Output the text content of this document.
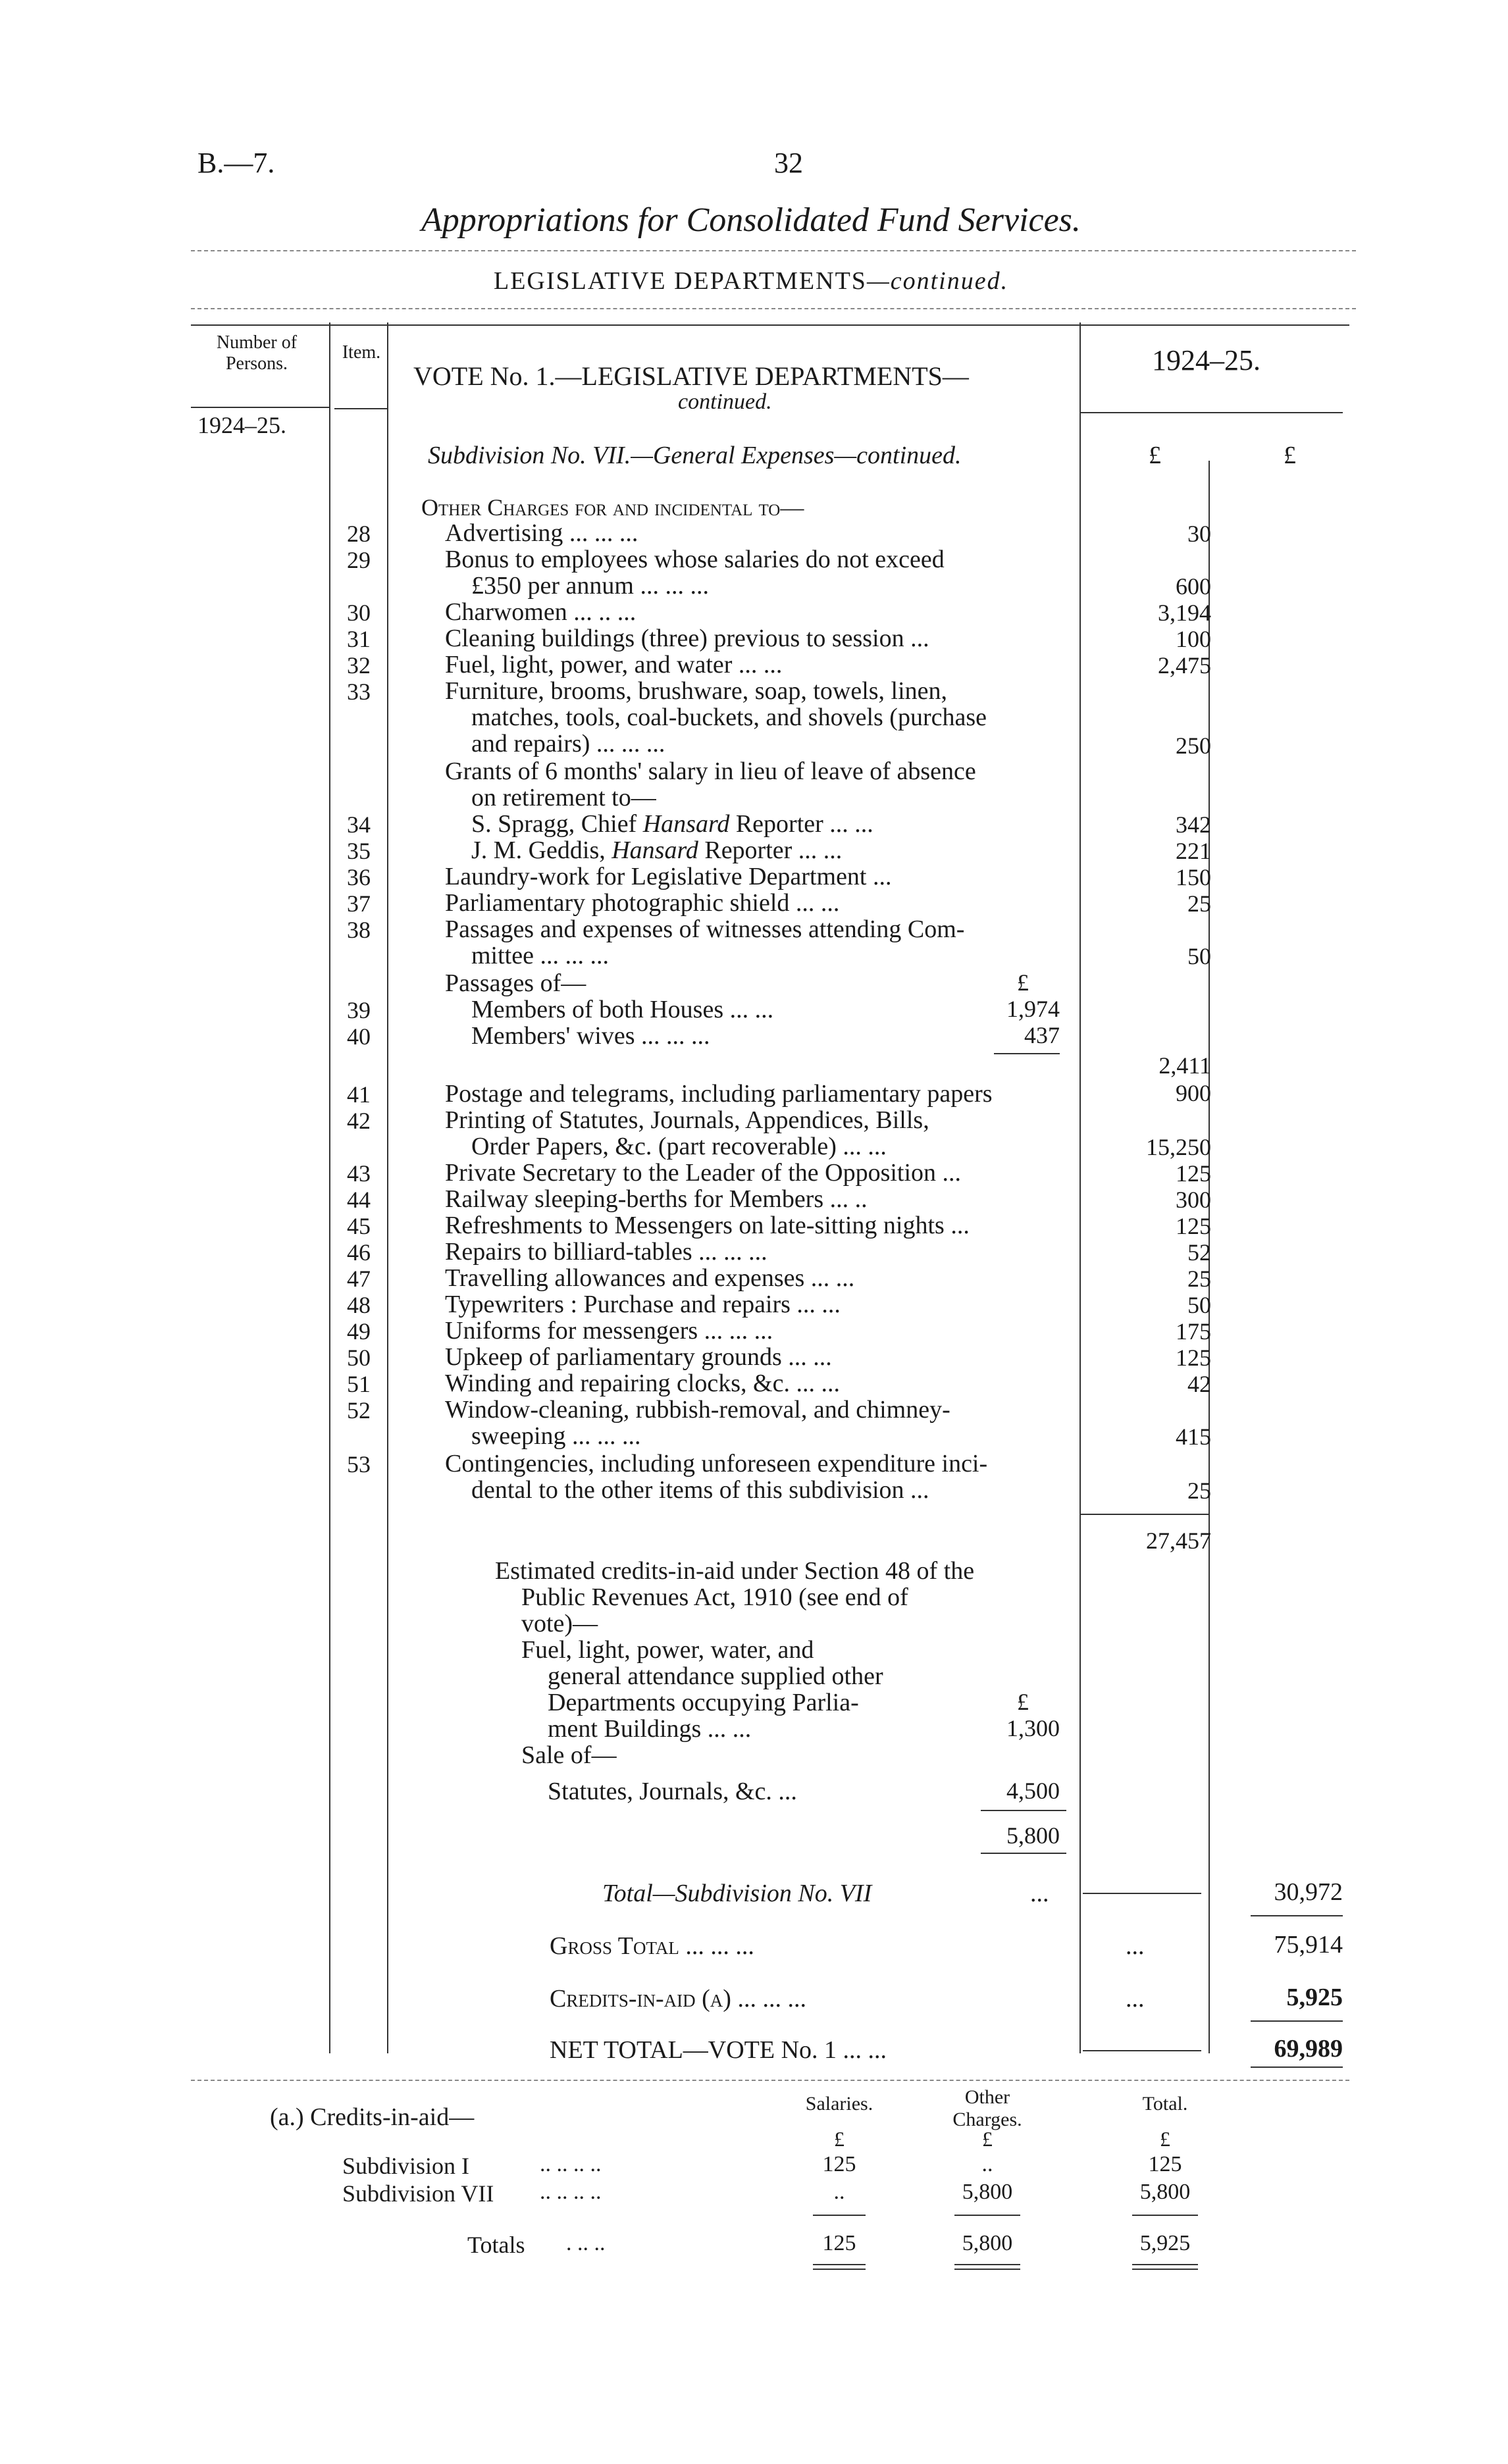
B.—7.	32
Appropriations for Consolidated Fund Services.
LEGISLATIVE DEPARTMENTS—continued.
Number of Persons.
Item.
1924–25.
VOTE No. 1.—LEGISLATIVE DEPARTMENTS—
continued.
1924–25.
Subdivision No. VII.—General Expenses—continued.	£	£
Other Charges for and incidental to—
28	Advertising ... ... ...	30
29	Bonus to employees whose salaries do not exceed
£350 per annum ... ... ...	600
30	Charwomen ... .. ...	3,194
31	Cleaning buildings (three) previous to session ...	100
32	Fuel, light, power, and water ... ...	2,475
33	Furniture, brooms, brushware, soap, towels, linen,
matches, tools, coal-buckets, and shovels (purchase
and repairs) ... ... ...	250
Grants of 6 months' salary in lieu of leave of absence
on retirement to—
34	S. Spragg, Chief Hansard Reporter ... ...	342
35	J. M. Geddis, Hansard Reporter ... ...	221
36	Laundry-work for Legislative Department ...	150
37	Parliamentary photographic shield ... ...	25
38	Passages and expenses of witnesses attending Com-
mittee ... ... ...	50
Passages of—	£
39	Members of both Houses ... ...	1,974
40	Members' wives ... ... ...	437
2,411
41	Postage and telegrams, including parliamentary papers	900
42	Printing of Statutes, Journals, Appendices, Bills,
Order Papers, &c. (part recoverable) ... ...	15,250
43	Private Secretary to the Leader of the Opposition ...	125
44	Railway sleeping-berths for Members ... ..	300
45	Refreshments to Messengers on late-sitting nights ...	125
46	Repairs to billiard-tables ... ... ...	52
47	Travelling allowances and expenses ... ...	25
48	Typewriters : Purchase and repairs ... ...	50
49	Uniforms for messengers ... ... ...	175
50	Upkeep of parliamentary grounds ... ...	125
51	Winding and repairing clocks, &c. ... ...	42
52	Window-cleaning, rubbish-removal, and chimney-
sweeping ... ... ...	415
53	Contingencies, including unforeseen expenditure inci-
dental to the other items of this subdivision ...	25
27,457
Estimated credits-in-aid under Section 48 of the
Public Revenues Act, 1910 (see end of
vote)—
Fuel, light, power, water, and
general attendance supplied other
Departments occupying Parlia-	£
ment Buildings ... ...	1,300
Sale of—
Statutes, Journals, &c. ...	4,500
5,800
Total—Subdivision No. VII	...	30,972
Gross Total ... ... ...	...	75,914
Credits-in-aid (a) ... ... ...	...	5,925
NET TOTAL—VOTE No. 1 ... ...	69,989
(a.) Credits-in-aid—	Salaries.	Other Charges.
Total.
£	£	£
Subdivision I	.. .. .. ..	125	..	125
Subdivision VII .. .. .. ..	..	5,800	5,800
Totals . .. ..	125	5,800	5,925
